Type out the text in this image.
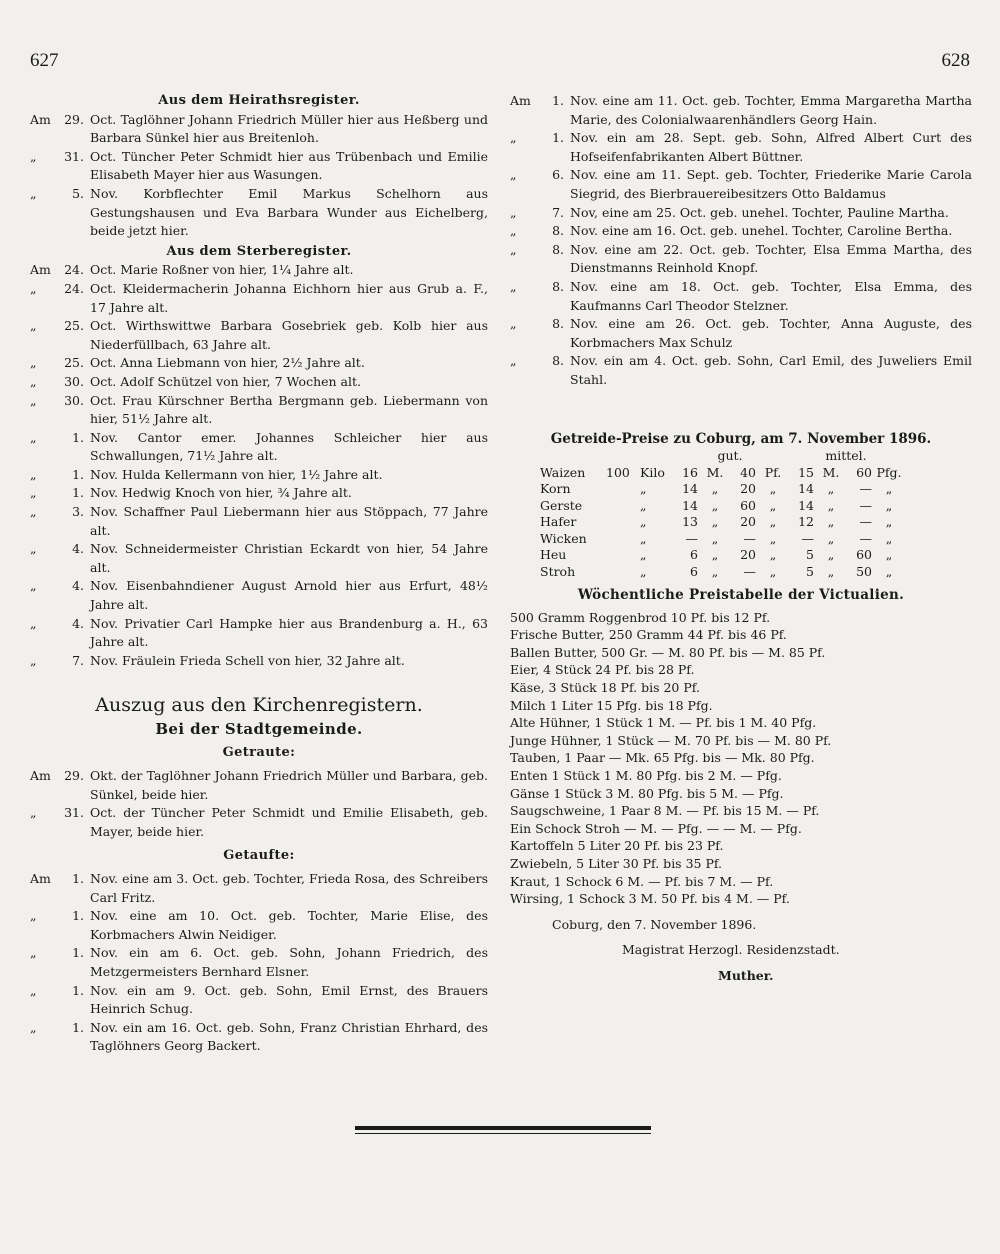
627	628
Aus dem Heirathsregister.
Am	29. Oct. Taglöhner Johann Friedrich Müller hier aus Heßberg und Barbara Sünkel hier aus Breitenloh.
„	31. Oct. Tüncher Peter Schmidt hier aus Trübenbach und Emilie Elisabeth Mayer hier aus Wasungen.
„	5. Nov. Korbflechter Emil Markus Schelhorn aus Gestungshausen und Eva Barbara Wunder aus Eichelberg, beide jetzt hier.
Aus dem Sterberegister.
Am	24. Oct. Marie Roßner von hier, 1¼ Jahre alt.
„	24. Oct. Kleidermacherin Johanna Eichhorn hier aus Grub a. F., 17 Jahre alt.
„	25. Oct. Wirthswittwe Barbara Gosebriek geb. Kolb hier aus Niederfüllbach, 63 Jahre alt.
„	25. Oct. Anna Liebmann von hier, 2½ Jahre alt.
„	30. Oct. Adolf Schützel von hier, 7 Wochen alt.
„	30. Oct. Frau Kürschner Bertha Bergmann geb. Liebermann von hier, 51½ Jahre alt.
„	1. Nov. Cantor emer. Johannes Schleicher hier aus Schwallungen, 71½ Jahre alt.
„	1. Nov. Hulda Kellermann von hier, 1½ Jahre alt.
„	1. Nov. Hedwig Knoch von hier, ¾ Jahre alt.
„	3. Nov. Schaffner Paul Liebermann hier aus Stöppach, 77 Jahre alt.
„	4. Nov. Schneidermeister Christian Eckardt von hier, 54 Jahre alt.
„	4. Nov. Eisenbahndiener August Arnold hier aus Erfurt, 48½ Jahre alt.
„	4. Nov. Privatier Carl Hampke hier aus Brandenburg a. H., 63 Jahre alt.
„	7. Nov. Fräulein Frieda Schell von hier, 32 Jahre alt.
Auszug aus den Kirchenregistern.
Bei der Stadtgemeinde.
Getraute:
Am	29. Okt. der Taglöhner Johann Friedrich Müller und Barbara, geb. Sünkel, beide hier.
„	31. Oct. der Tüncher Peter Schmidt und Emilie Elisabeth, geb. Mayer, beide hier.
Getaufte:
Am	1. Nov. eine am 3. Oct. geb. Tochter, Frieda Rosa, des Schreibers Carl Fritz.
„	1. Nov. eine am 10. Oct. geb. Tochter, Marie Elise, des Korbmachers Alwin Neidiger.
„	1. Nov. ein am 6. Oct. geb. Sohn, Johann Friedrich, des Metzgermeisters Bernhard Elsner.
„	1. Nov. ein am 9. Oct. geb. Sohn, Emil Ernst, des Brauers Heinrich Schug.
„	1. Nov. ein am 16. Oct. geb. Sohn, Franz Christian Ehrhard, des Taglöhners Georg Backert.
Am	1. Nov. eine am 11. Oct. geb. Tochter, Emma Margaretha Martha Marie, des Colonialwaarenhändlers Georg Hain.
„	1. Nov. ein am 28. Sept. geb. Sohn, Alfred Albert Curt des Hofseifenfabrikanten Albert Büttner.
„	6. Nov. eine am 11. Sept. geb. Tochter, Friederike Marie Carola Siegrid, des Bierbrauereibesitzers Otto Baldamus
„	7. Nov, eine am 25. Oct. geb. unehel. Tochter, Pauline Martha.
„	8. Nov. eine am 16. Oct. geb. unehel. Tochter, Caroline Bertha.
„	8. Nov. eine am 22. Oct. geb. Tochter, Elsa Emma Martha, des Dienstmanns Reinhold Knopf.
„	8. Nov. eine am 18. Oct. geb. Tochter, Elsa Emma, des Kaufmanns Carl Theodor Stelzner.
„	8. Nov. eine am 26. Oct. geb. Tochter, Anna Auguste, des Korbmachers Max Schulz
„	8. Nov. ein am 4. Oct. geb. Sohn, Carl Emil, des Juweliers Emil Stahl.
Getreide-Preise zu Coburg, am 7. November 1896.
			gut.				mittel.			
Waizen	100	Kilo	16	M.	40	Pf.	15	M.	60	Pfg.
Korn		„	14	„	20	„	14	„	—	„
Gerste		„	14	„	60	„	14	„	—	„
Hafer		„	13	„	20	„	12	„	—	„
Wicken		„	—	„	—	„	—	„	—	„
Heu		„	6	„	20	„	5	„	60	„
Stroh		„	6	„	—	„	5	„	50	„
Wöchentliche Preistabelle der Victualien.
500 Gramm Roggenbrod 10 Pf. bis 12 Pf.
Frische Butter, 250 Gramm 44 Pf. bis 46 Pf.
Ballen Butter, 500 Gr. — M. 80 Pf. bis — M. 85 Pf.
Eier, 4 Stück 24 Pf. bis 28 Pf.
Käse, 3 Stück 18 Pf. bis 20 Pf.
Milch 1 Liter 15 Pfg. bis 18 Pfg.
Alte Hühner, 1 Stück 1 M. — Pf. bis 1 M. 40 Pfg.
Junge Hühner, 1 Stück — M. 70 Pf. bis — M. 80 Pf.
Tauben, 1 Paar — Mk. 65 Pfg. bis — Mk. 80 Pfg.
Enten 1 Stück 1 M. 80 Pfg. bis 2 M. — Pfg.
Gänse 1 Stück 3 M. 80 Pfg. bis 5 M. — Pfg.
Saugschweine, 1 Paar 8 M. — Pf. bis 15 M. — Pf.
Ein Schock Stroh — M. — Pfg. — — M. — Pfg.
Kartoffeln 5 Liter 20 Pf. bis 23 Pf.
Zwiebeln, 5 Liter 30 Pf. bis 35 Pf.
Kraut, 1 Schock 6 M. — Pf. bis 7 M. — Pf.
Wirsing, 1 Schock 3 M. 50 Pf. bis 4 M. — Pf.
Coburg, den 7. November 1896.
Magistrat Herzogl. Residenzstadt.
Muther.
